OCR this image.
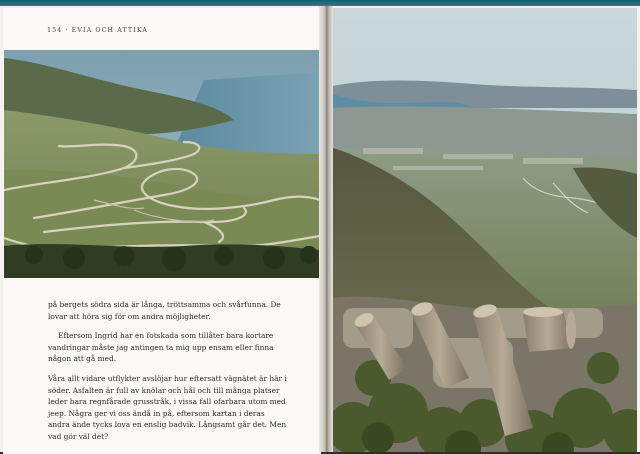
154 · EVIA OCH ATTIKA

på bergets södra sida är långa, tröttsamma och svårfunna. De lovar att höra sig för om andra möjligheter.

Eftersom Ingrid har en fotskada som tillåter bara kortare vandringar måste jag antingen ta mig upp ensam eller finna någon att gå med.

Våra allt vidare utflykter avslöjar hur eftersatt vägnätet är här i söder. Asfalten är full av knölar och hål och till många platser leder bara regnfårade grusstråk, i vissa fall ofarbara utom med jeep. Några ger vi oss ändå in på, eftersom kartan i deras andra ände tycks lova en enslig badvik. Långsamt går det. Men vad gör väl det?
